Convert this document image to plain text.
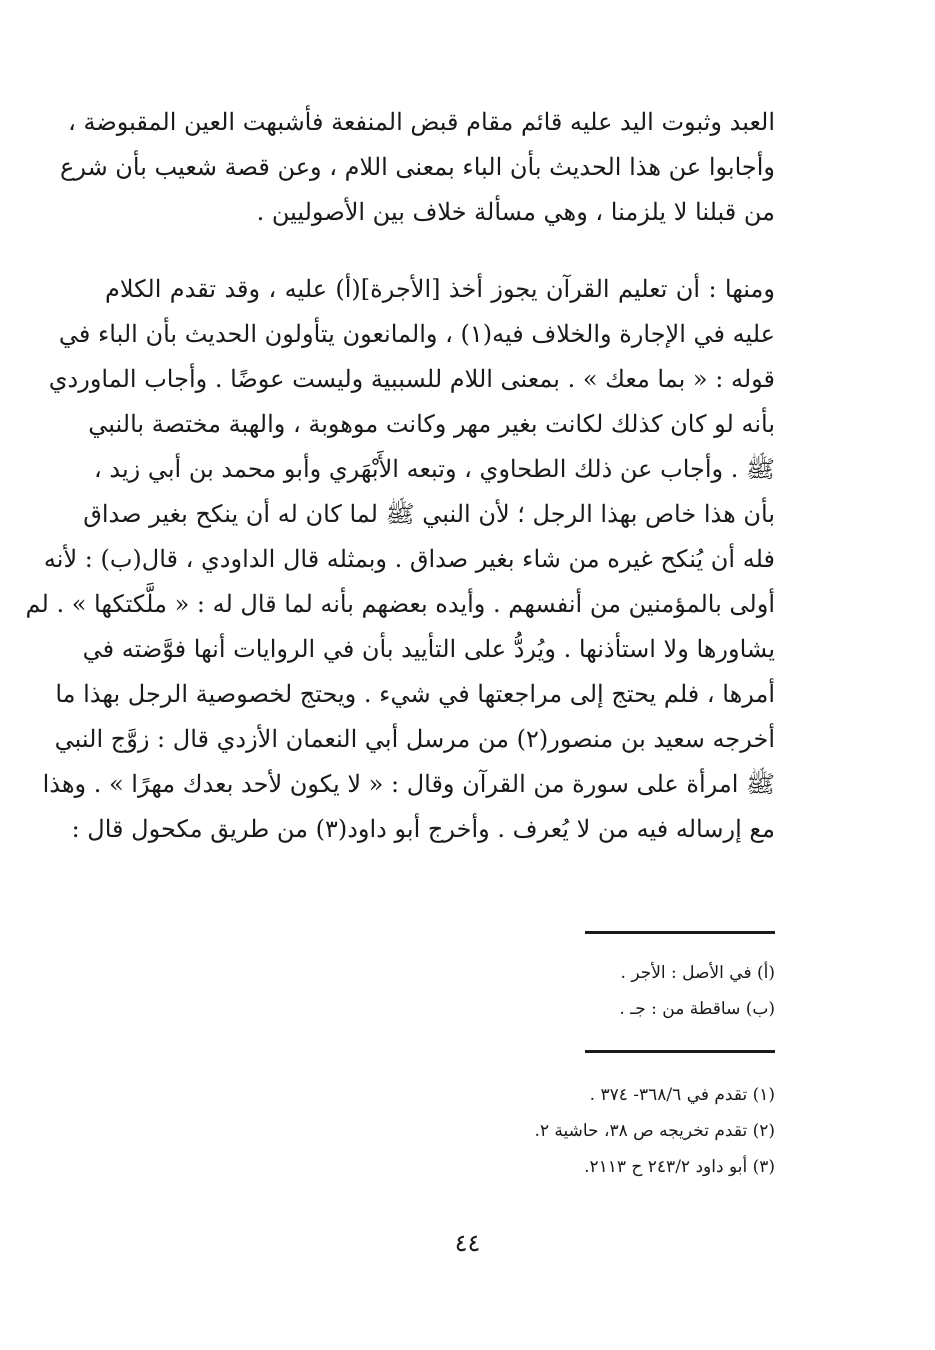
العبد وثبوت اليد عليه قائم مقام قبض المنفعة فأشبهت العين المقبوضة ،
وأجابوا عن هذا الحديث بأن الباء بمعنى اللام ، وعن قصة شعيب بأن شرع
من قبلنا لا يلزمنا ، وهي مسألة خلاف بين الأصوليين .
ومنها : أن تعليم القرآن يجوز أخذ [الأجرة](أ) عليه ، وقد تقدم الكلام
عليه في الإجارة والخلاف فيه(١) ، والمانعون يتأولون الحديث بأن الباء في
قوله : « بما معك » . بمعنى اللام للسببية وليست عوضًا . وأجاب الماوردي
بأنه لو كان كذلك لكانت بغير مهر وكانت موهوبة ، والهبة مختصة بالنبي
ﷺ . وأجاب عن ذلك الطحاوي ، وتبعه الأَبْهَري وأبو محمد بن أبي زيد ،
بأن هذا خاص بهذا الرجل ؛ لأن النبي ﷺ لما كان له أن ينكح بغير صداق
فله أن يُنكح غيره من شاء بغير صداق . وبمثله قال الداودي ، قال(ب) : لأنه
أولى بالمؤمنين من أنفسهم . وأيده بعضهم بأنه لما قال له : « ملَّكتكها » . لم
يشاورها ولا استأذنها . ويُردُّ على التأييد بأن في الروايات أنها فوَّضته في
أمرها ، فلم يحتج إلى مراجعتها في شيء . ويحتج لخصوصية الرجل بهذا ما
أخرجه سعيد بن منصور(٢) من مرسل أبي النعمان الأزدي قال : زوَّج النبي
ﷺ امرأة على سورة من القرآن وقال : « لا يكون لأحد بعدك مهرًا » . وهذا
مع إرساله فيه من لا يُعرف . وأخرج أبو داود(٣) من طريق مكحول قال :
(أ) في الأصل : الأجر .
(ب) ساقطة من : جـ .
(١) تقدم في ٣٦٨/٦- ٣٧٤ .
(٢) تقدم تخريجه ص ٣٨، حاشية ٢.
(٣) أبو داود ٢٤٣/٢ ح ٢١١٣.
٤٤
